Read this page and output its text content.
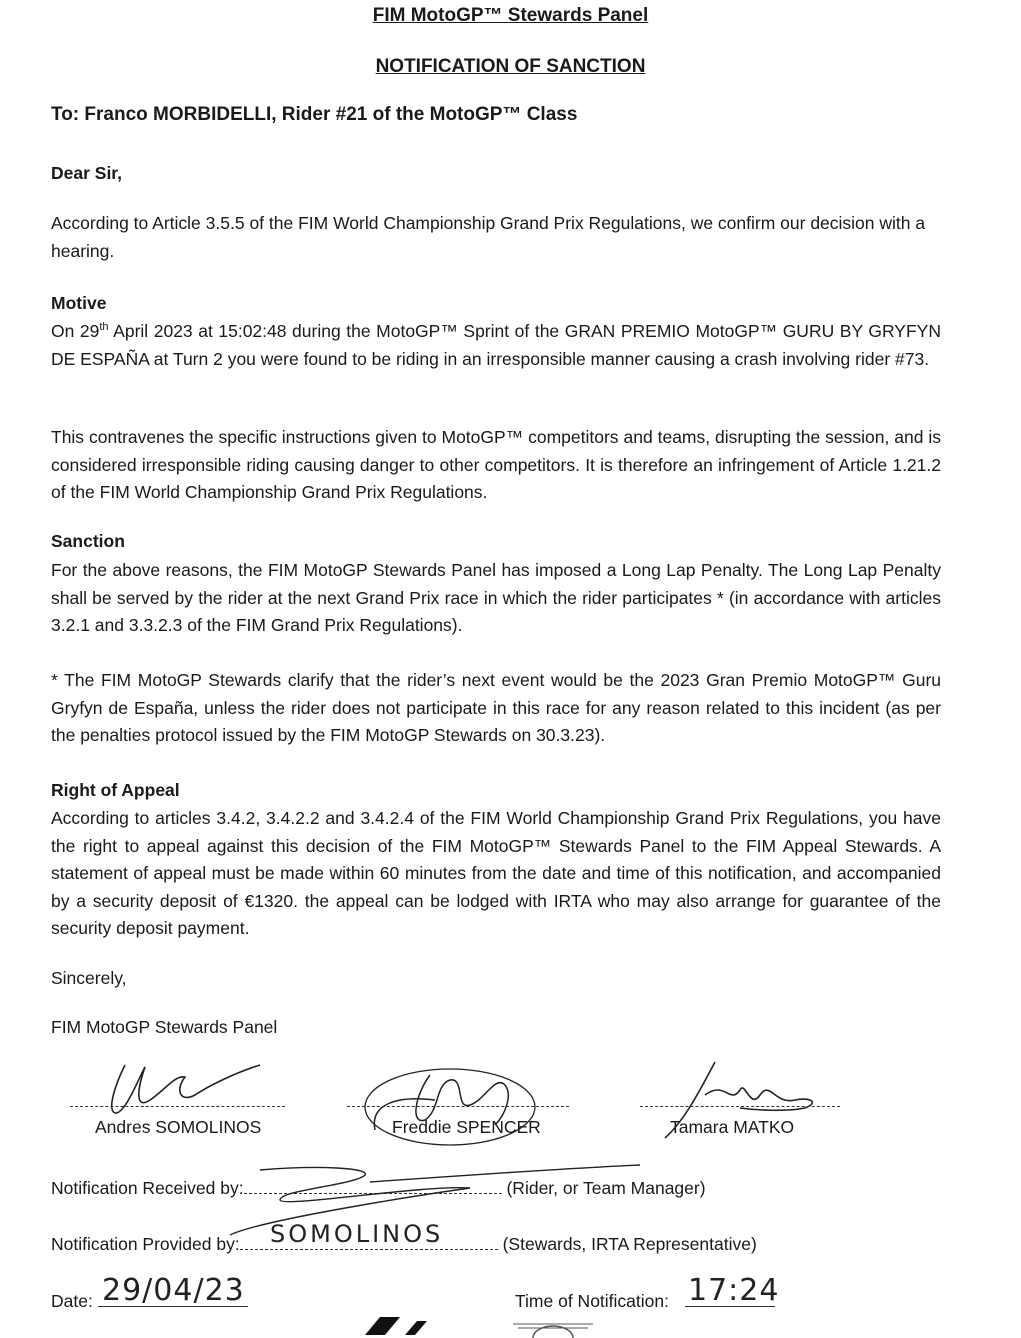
FIM MotoGP™ Stewards Panel
NOTIFICATION OF SANCTION
To: Franco MORBIDELLI, Rider #21 of the MotoGP™ Class
Dear Sir,

According to Article 3.5.5 of the FIM World Championship Grand Prix Regulations, we confirm our decision with a hearing.

Motive

On 29th April 2023 at 15:02:48 during the MotoGP™ Sprint of the GRAN PREMIO MotoGP™ GURU BY GRYFYN DE ESPAÑA at Turn 2 you were found to be riding in an irresponsible manner causing a crash involving rider #73.

This contravenes the specific instructions given to MotoGP™ competitors and teams, disrupting the session, and is considered irresponsible riding causing danger to other competitors. It is therefore an infringement of Article 1.21.2 of the FIM World Championship Grand Prix Regulations.

Sanction

For the above reasons, the FIM MotoGP Stewards Panel has imposed a Long Lap Penalty. The Long Lap Penalty shall be served by the rider at the next Grand Prix race in which the rider participates * (in accordance with articles 3.2.1 and 3.3.2.3 of the FIM Grand Prix Regulations).

* The FIM MotoGP Stewards clarify that the rider’s next event would be the 2023 Gran Premio MotoGP™ Guru Gryfyn de España, unless the rider does not participate in this race for any reason related to this incident (as per the penalties protocol issued by the FIM MotoGP Stewards on 30.3.23).

Right of Appeal

According to articles 3.4.2, 3.4.2.2 and 3.4.2.4 of the FIM World Championship Grand Prix Regulations, you have the right to appeal against this decision of the FIM MotoGP™ Stewards Panel to the FIM Appeal Stewards. A statement of appeal must be made within 60 minutes from the date and time of this notification, and accompanied by a security deposit of €1320. the appeal can be lodged with IRTA who may also arrange for guarantee of the security deposit payment.

Sincerely,
FIM MotoGP Stewards Panel
Andres SOMOLINOS	Freddie SPENCER	Tamara MATKO
Notification Received by:	(Rider, or Team Manager)
Notification Provided by:	(Stewards, IRTA Representative)
SOMOLINOS
Date: 29/04/23	Time of Notification: 17:24
